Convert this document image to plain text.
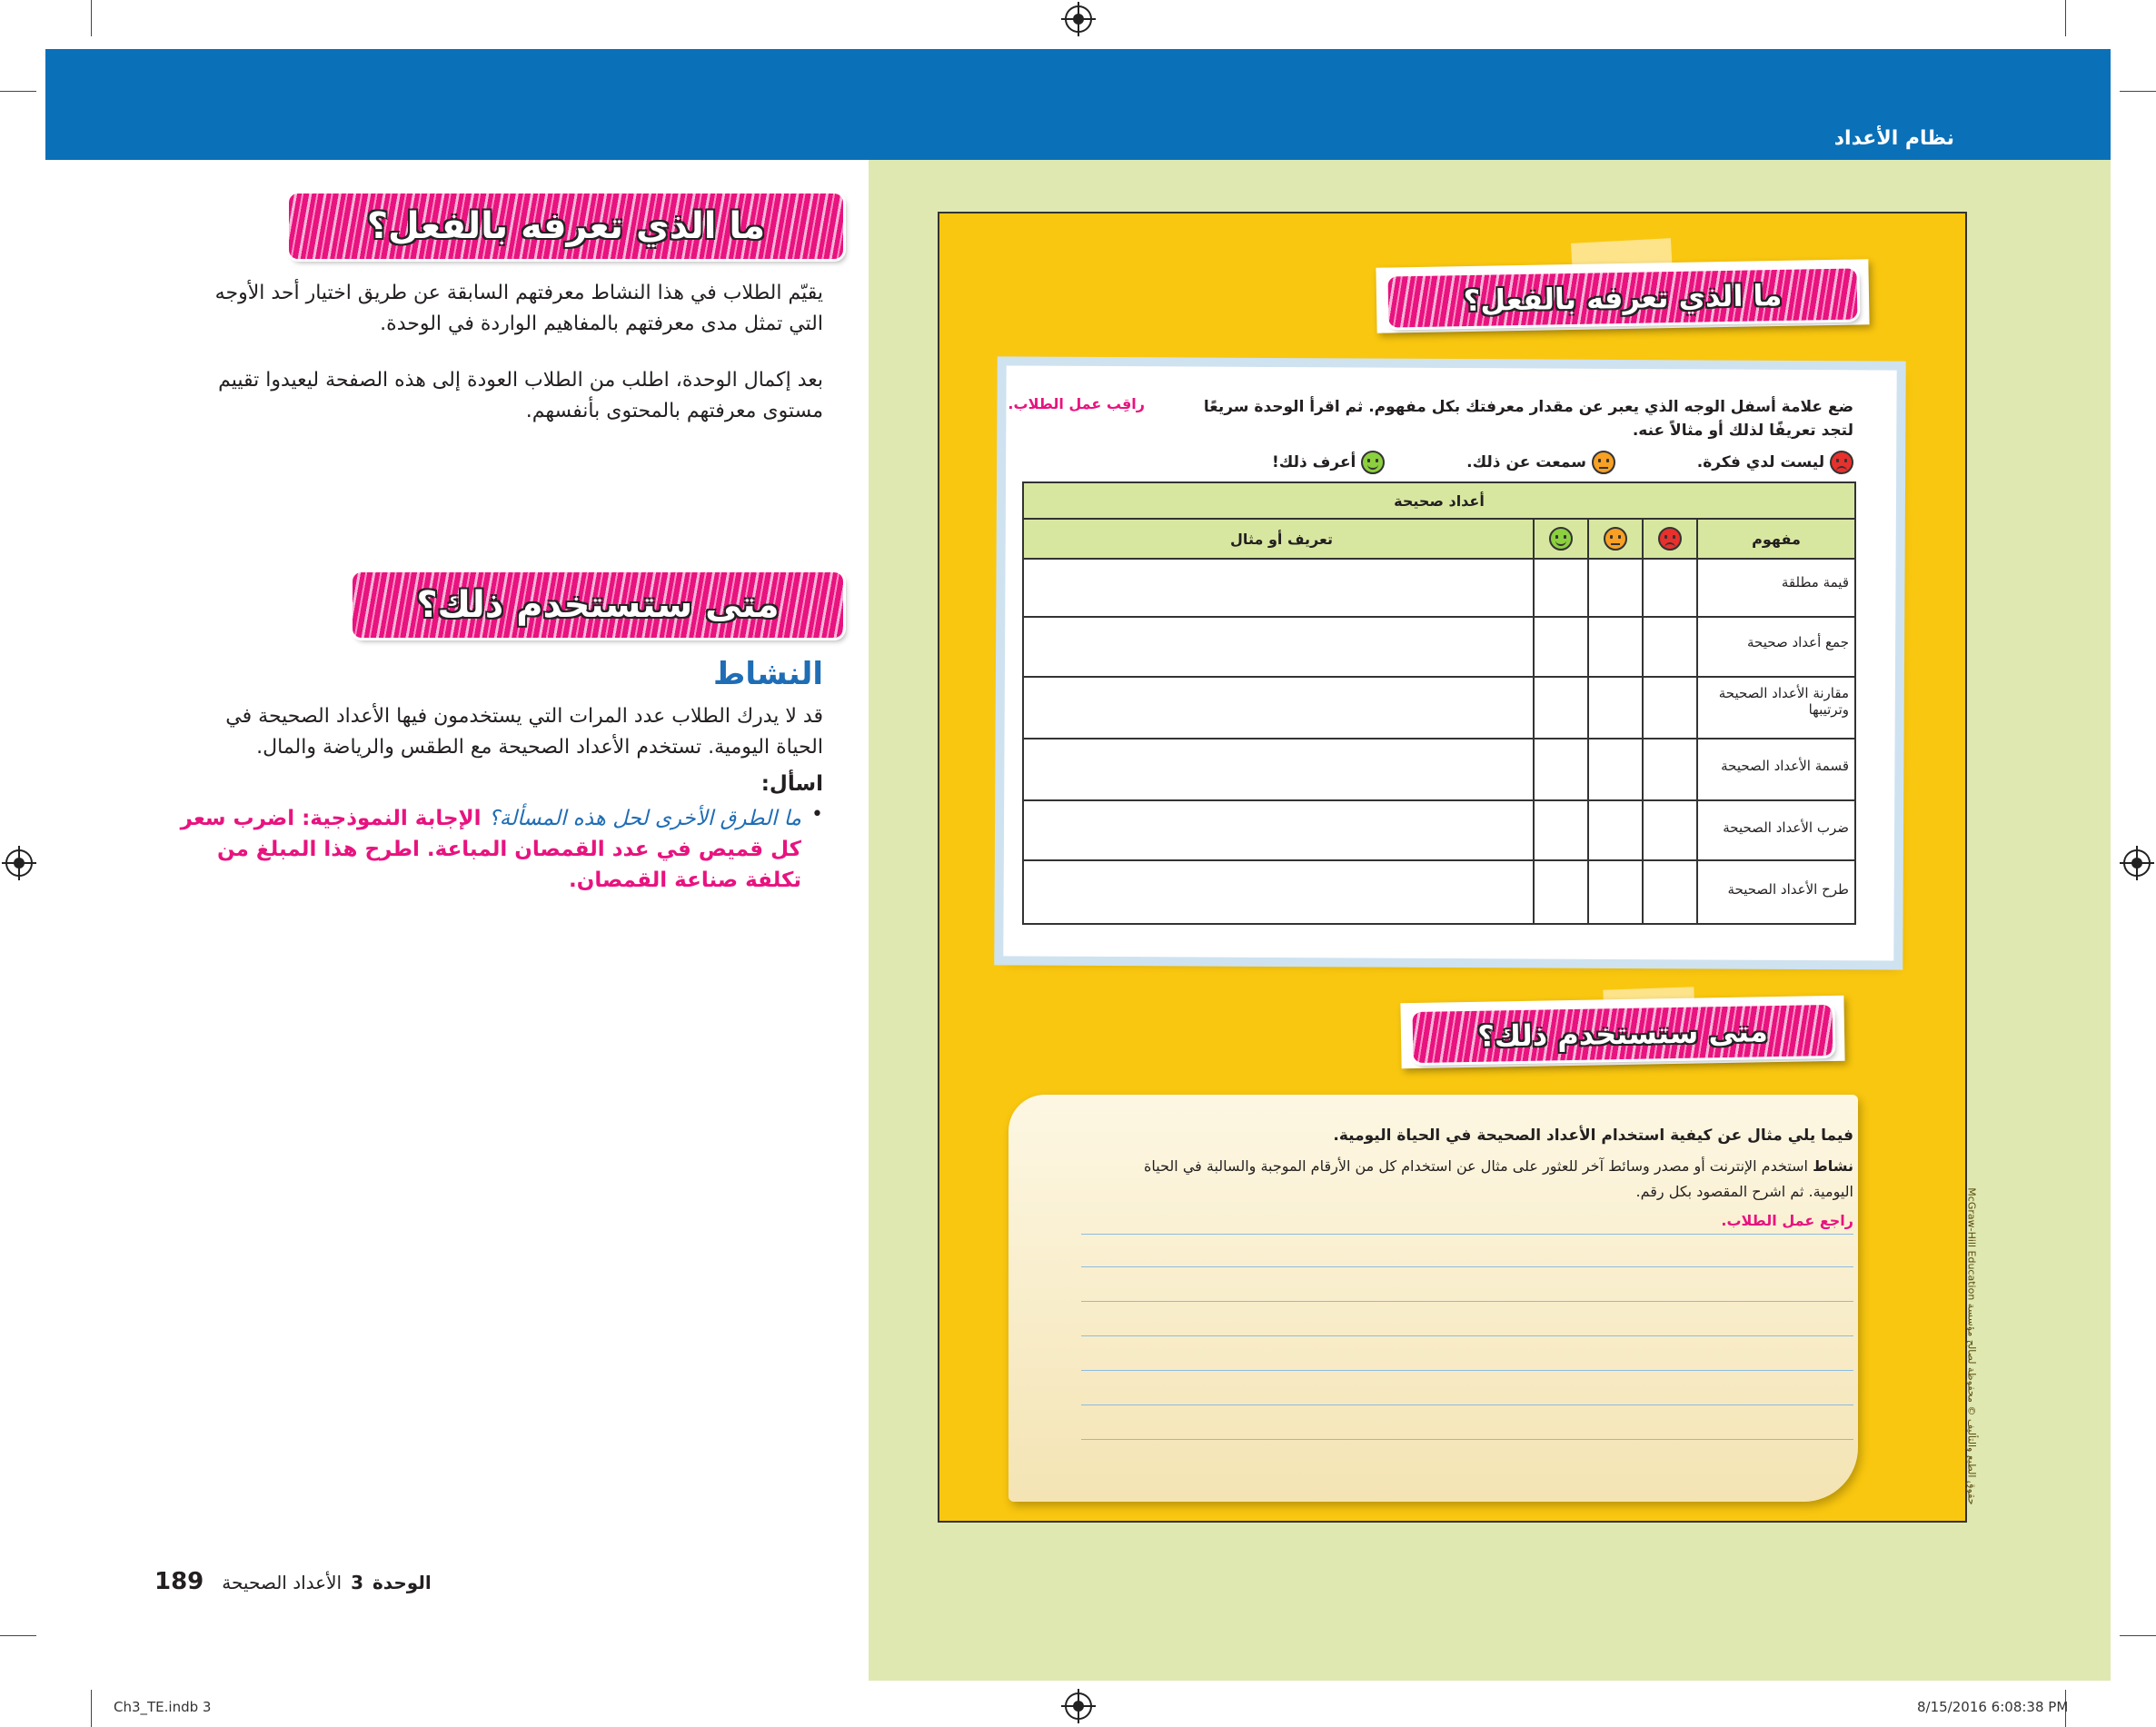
نظام الأعداد
ما الذي تعرفه بالفعل؟
يقيّم الطلاب في هذا النشاط معرفتهم السابقة عن طريق اختيار أحد الأوجه التي تمثل مدى معرفتهم بالمفاهيم الواردة في الوحدة.
بعد إكمال الوحدة، اطلب من الطلاب العودة إلى هذه الصفحة ليعيدوا تقييم مستوى معرفتهم بالمحتوى بأنفسهم.
متى ستستخدم ذلك؟
النشاط
قد لا يدرك الطلاب عدد المرات التي يستخدمون فيها الأعداد الصحيحة في الحياة اليومية. تستخدم الأعداد الصحيحة مع الطقس والرياضة والمال.
اسأل:
•
ما الطرق الأخرى لحل هذه المسألة؟ الإجابة النموذجية: اضرب سعر كل قميص في عدد القمصان المباعة. اطرح هذا المبلغ من تكلفة صناعة القمصان.
الوحدة
3
الأعداد الصحيحة
189
Ch3_TE.indb 3	8/15/2016 6:08:38 PM
ما الذي تعرفه بالفعل؟
ضع علامة أسفل الوجه الذي يعبر عن مقدار معرفتك بكل مفهوم. ثم اقرأ الوحدة سريعًا لتجد تعريفًا لذلك أو مثالاً عنه.
راقِب عمل الطلاب.
ليست لدي فكرة.
سمعت عن ذلك.
أعرف ذلك!
أعداد صحيحة				
مفهوم				تعريف أو مثال
قيمة مطلقة				
جمع أعداد صحيحة				
مقارنة الأعداد الصحيحة وترتيبها				
قسمة الأعداد الصحيحة				
ضرب الأعداد الصحيحة				
طرح الأعداد الصحيحة				
متى ستستخدم ذلك؟
فيما يلي مثال عن كيفية استخدام الأعداد الصحيحة في الحياة اليومية.
نشاط استخدم الإنترنت أو مصدر وسائط آخر للعثور على مثال عن استخدام كل من الأرقام الموجبة والسالبة في الحياة اليومية. ثم اشرح المقصود بكل رقم.
راجع عمل الطلاب.	حقوق الطبع والتأليف © محفوظة لصالح مؤسسة McGraw-Hill Education
